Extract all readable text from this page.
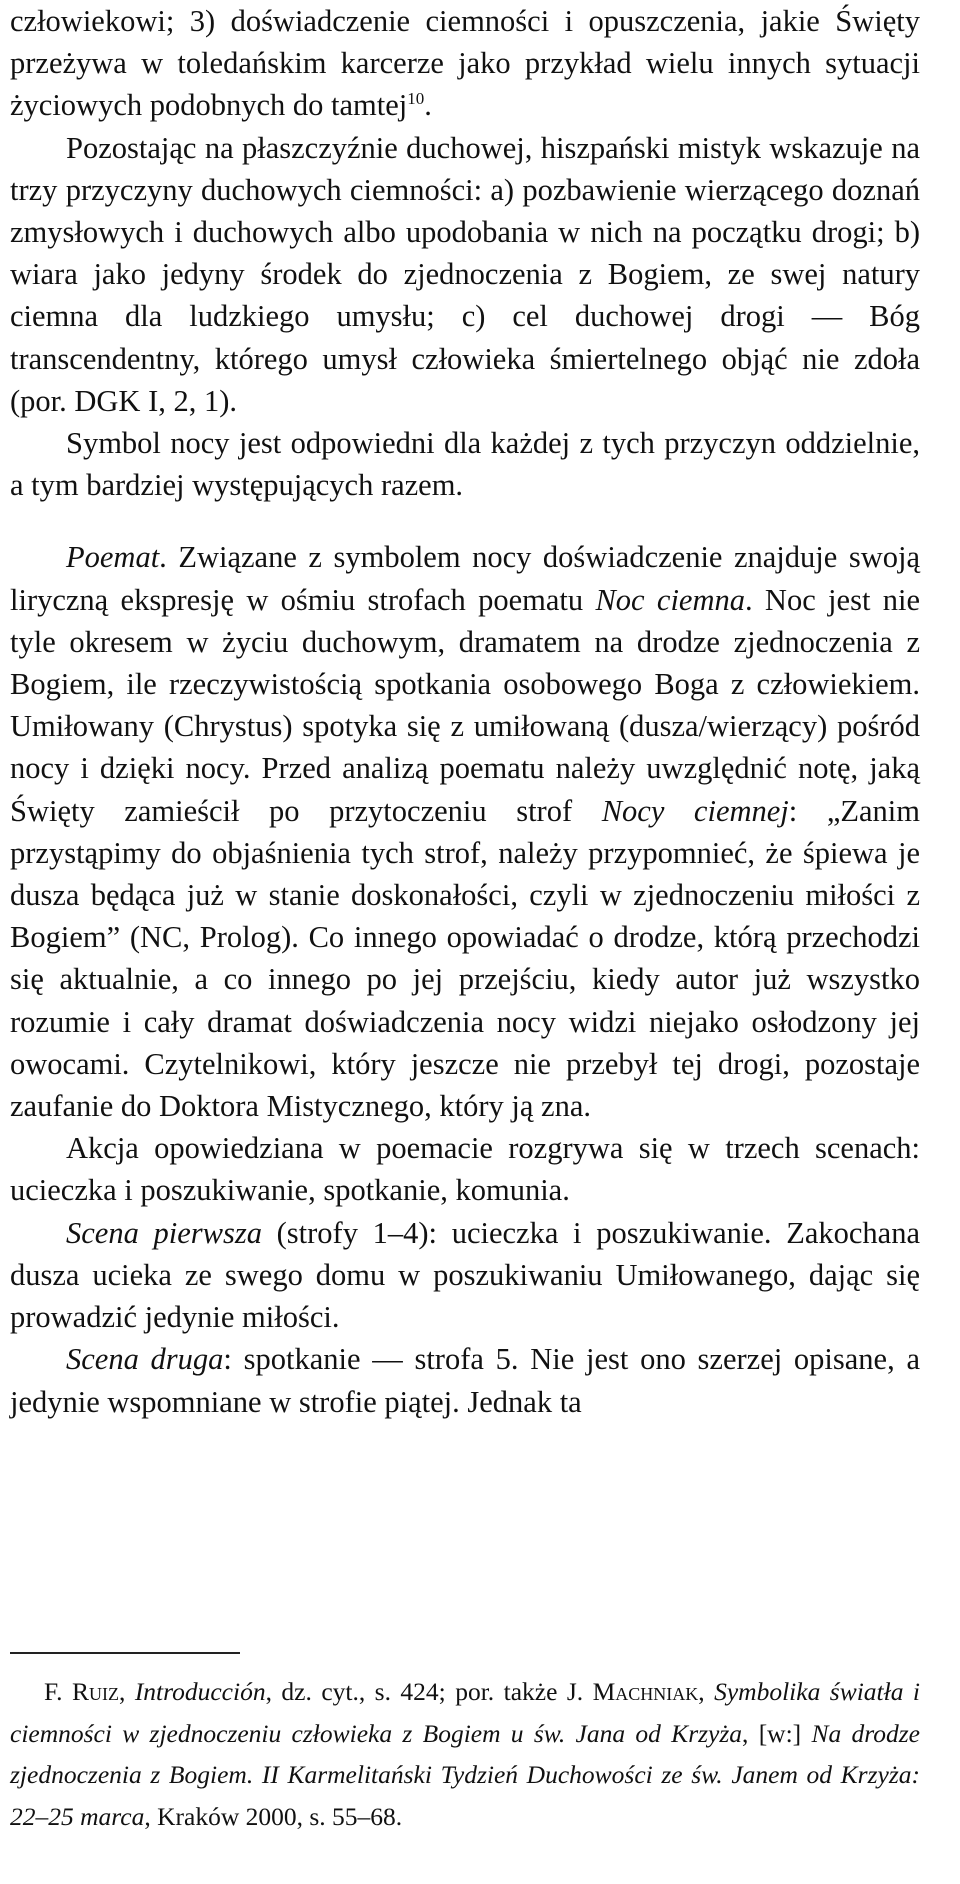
człowiekowi; 3) doświadczenie ciemności i opuszczenia, jakie Święty przeżywa w toledańskim karcerze jako przykład wielu innych sytuacji życiowych podobnych do tamtej$^{10}$.

Pozostając na płaszczyźnie duchowej, hiszpański mistyk wskazuje na trzy przyczyny duchowych ciemności: a) pozbawienie wierzącego doznań zmysłowych i duchowych albo upodobania w nich na początku drogi; b) wiara jako jedyny środek do zjednoczenia z Bogiem, ze swej natury ciemna dla ludzkiego umysłu; c) cel duchowej drogi — Bóg transcendentny, którego umysł człowieka śmiertelnego objąć nie zdoła (por. DGK I, 2, 1).

Symbol nocy jest odpowiedni dla każdej z tych przyczyn oddzielnie, a tym bardziej występujących razem.

Poemat. Związane z symbolem nocy doświadczenie znajduje swoją liryczną ekspresję w ośmiu strofach poematu Noc ciemna. Noc jest nie tyle okresem w życiu duchowym, dramatem na drodze zjednoczenia z Bogiem, ile rzeczywistością spotkania osobowego Boga z człowiekiem. Umiłowany (Chrystus) spotyka się z umiłowaną (dusza/wierzący) pośród nocy i dzięki nocy. Przed analizą poematu należy uwzględnić notę, jaką Święty zamieścił po przytoczeniu strof Nocy ciemnej: „Zanim przystąpimy do objaśnienia tych strof, należy przypomnieć, że śpiewa je dusza będąca już w stanie doskonałości, czyli w zjednoczeniu miłości z Bogiem” (NC, Prolog). Co innego opowiadać o drodze, którą przechodzi się aktualnie, a co innego po jej przejściu, kiedy autor już wszystko rozumie i cały dramat doświadczenia nocy widzi niejako osłodzony jej owocami. Czytelnikowi, który jeszcze nie przebył tej drogi, pozostaje zaufanie do Doktora Mistycznego, który ją zna.

Akcja opowiedziana w poemacie rozgrywa się w trzech scenach: ucieczka i poszukiwanie, spotkanie, komunia.

Scena pierwsza (strofy 1–4): ucieczka i poszukiwanie. Zakochana dusza ucieka ze swego domu w poszukiwaniu Umiłowanego, dając się prowadzić jedynie miłości.

Scena druga: spotkanie — strofa 5. Nie jest ono szerzej opisane, a jedynie wspomniane w strofie piątej. Jednak ta

F. Ruiz, Introducción, dz. cyt., s. 424; por. także J. Machniak, Symbolika światła i ciemności w zjednoczeniu człowieka z Bogiem u św. Jana od Krzyża, [w:] Na drodze zjednoczenia z Bogiem. II Karmelitański Tydzień Duchowości ze św. Janem od Krzyża: 22–25 marca, Kraków 2000, s. 55–68.
